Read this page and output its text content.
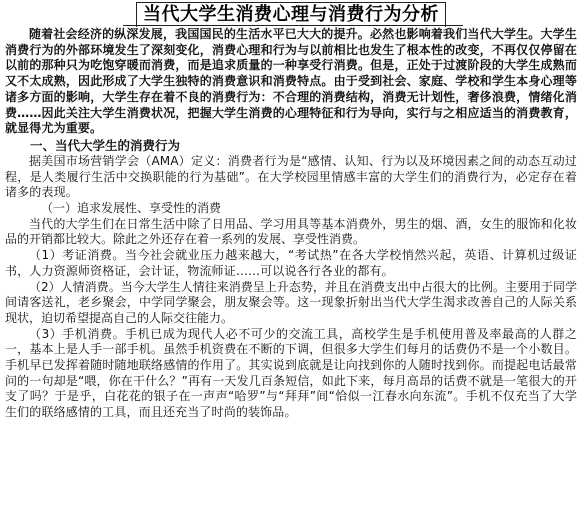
当代大学生消费心理与消费行为分析

随着社会经济的纵深发展，我国国民的生活水平已大大的提升。必然也影响着我们当代大学生。大学生消费行为的外部环境发生了深刻变化，消费心理和行为与以前相比也发生了根本性的改变，不再仅仅停留在以前的那种只为吃饱穿暖而消费，而是追求质量的一种享受行消费。但是，正处于过渡阶段的大学生成熟而又不太成熟，因此形成了大学生独特的消费意识和消费特点。由于受到社会、家庭、学校和学生本身心理等诸多方面的影响，大学生存在着不良的消费行为：不合理的消费结构，消费无计划性，奢侈浪费，情绪化消费……因此关注大学生消费状况，把握大学生消费的心理特征和行为导向，实行与之相应适当的消费教育，就显得尤为重要。

一、当代大学生的消费行为

据美国市场营销学会（AMA）定义：消费者行为是“感情、认知、行为以及环境因素之间的动态互动过程，是人类履行生活中交换职能的行为基础”。在大学校园里情感丰富的大学生们的消费行为，必定存在着诸多的表现。

（一）追求发展性、享受性的消费

当代的大学生们在日常生活中除了日用品、学习用具等基本消费外，男生的烟、酒，女生的服饰和化妆品的开销都比较大。除此之外还存在着一系列的发展、享受性消费。

（1）考证消费。当今社会就业压力越来越大，“考试热”在各大学校悄然兴起，英语、计算机过级证书，人力资源师资格证，会计证，物流师证……可以说各行各业的都有。

（2）人情消费。当今大学生人情往来消费呈上升态势，并且在消费支出中占很大的比例。主要用于同学间请客送礼，老乡聚会，中学同学聚会，朋友聚会等。这一现象折射出当代大学生渴求改善自己的人际关系现状，迫切希望提高自己的人际交往能力。

（3）手机消费。手机已成为现代人必不可少的交流工具，高校学生是手机使用普及率最高的人群之一，基本上是人手一部手机。虽然手机资费在不断的下调，但很多大学生们每月的话费仍不是一个小数目。手机早已发挥着随时随地联络感情的作用了。其实说到底就是让向找到你的人随时找到你。而提起电话最常问的一句却是“喂，你在干什么？”再有一天发几百条短信，如此下来，每月高昂的话费不就是一笔很大的开支了吗？于是乎，白花花的银子在一声声“哈罗”与“拜拜”间“恰似一江春水向东流”。手机不仅充当了大学生们的联络感情的工具，而且还充当了时尚的装饰品。
